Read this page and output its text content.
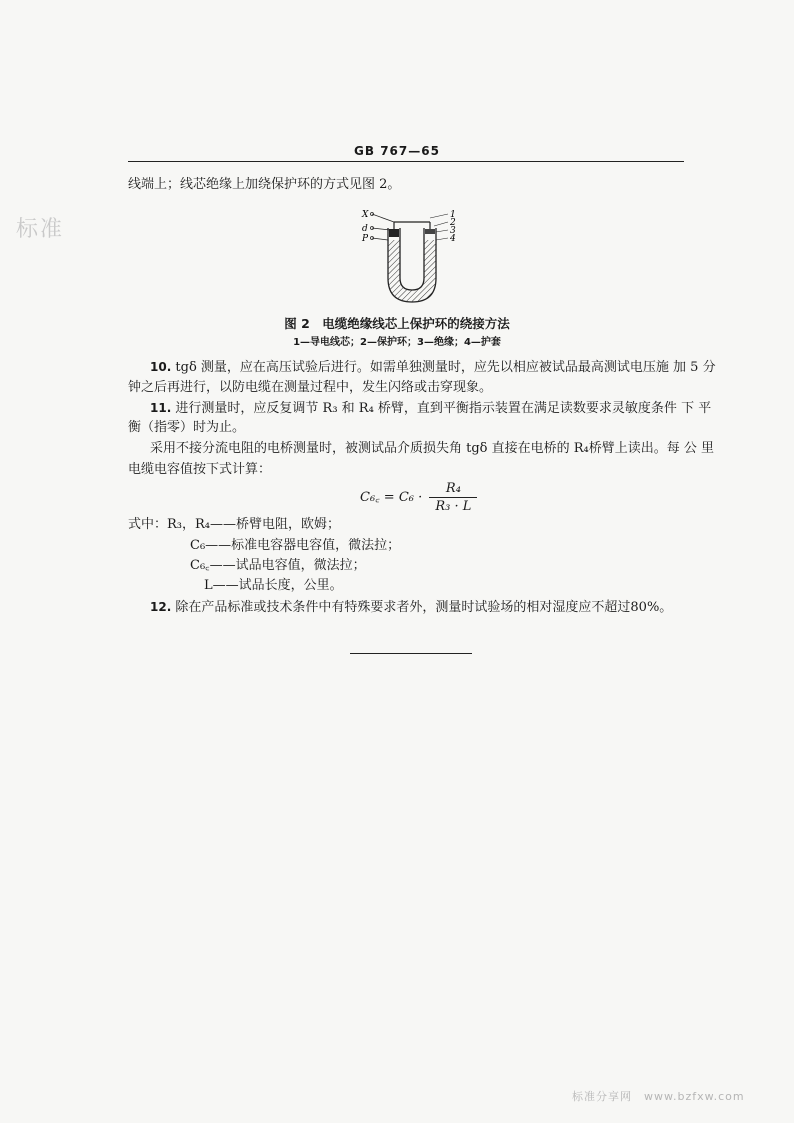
GB 767—65
标准
线端上；线芯绝缘上加绕保护环的方式见图 2。
X
d
P
1
2
3
4
图 2　电缆绝缘线芯上保护环的绕接方法
1—导电线芯；2—保护环；3—绝缘；4—护套
10. tgδ 测量，应在高压试验后进行。如需单独测量时，应先以相应被试品最高测试电压施 加 5 分
钟之后再进行，以防电缆在测量过程中，发生闪络或击穿现象。
11. 进行测量时，应反复调节 R₃ 和 R₄ 桥臂，直到平衡指示装置在满足读数要求灵敏度条件 下 平
衡（指零）时为止。
采用不接分流电阻的电桥测量时，被测试品介质损失角 tgδ 直接在电桥的 R₄桥臂上读出。每 公 里
电缆电容值按下式计算：
C₆꜀ = $C_6 \cdot \frac{\text{R₄}}{\text{R₃ · L}}$
式中：R₃，R₄——桥臂电阻，欧姆；
C₆——标准电容器电容值，微法拉；
C₆꜀——试品电容值，微法拉；
L——试品长度，公里。
12. 除在产品标准或技术条件中有特殊要求者外，测量时试验场的相对湿度应不超过80%。
标准分享网　www.bzfxw.com
